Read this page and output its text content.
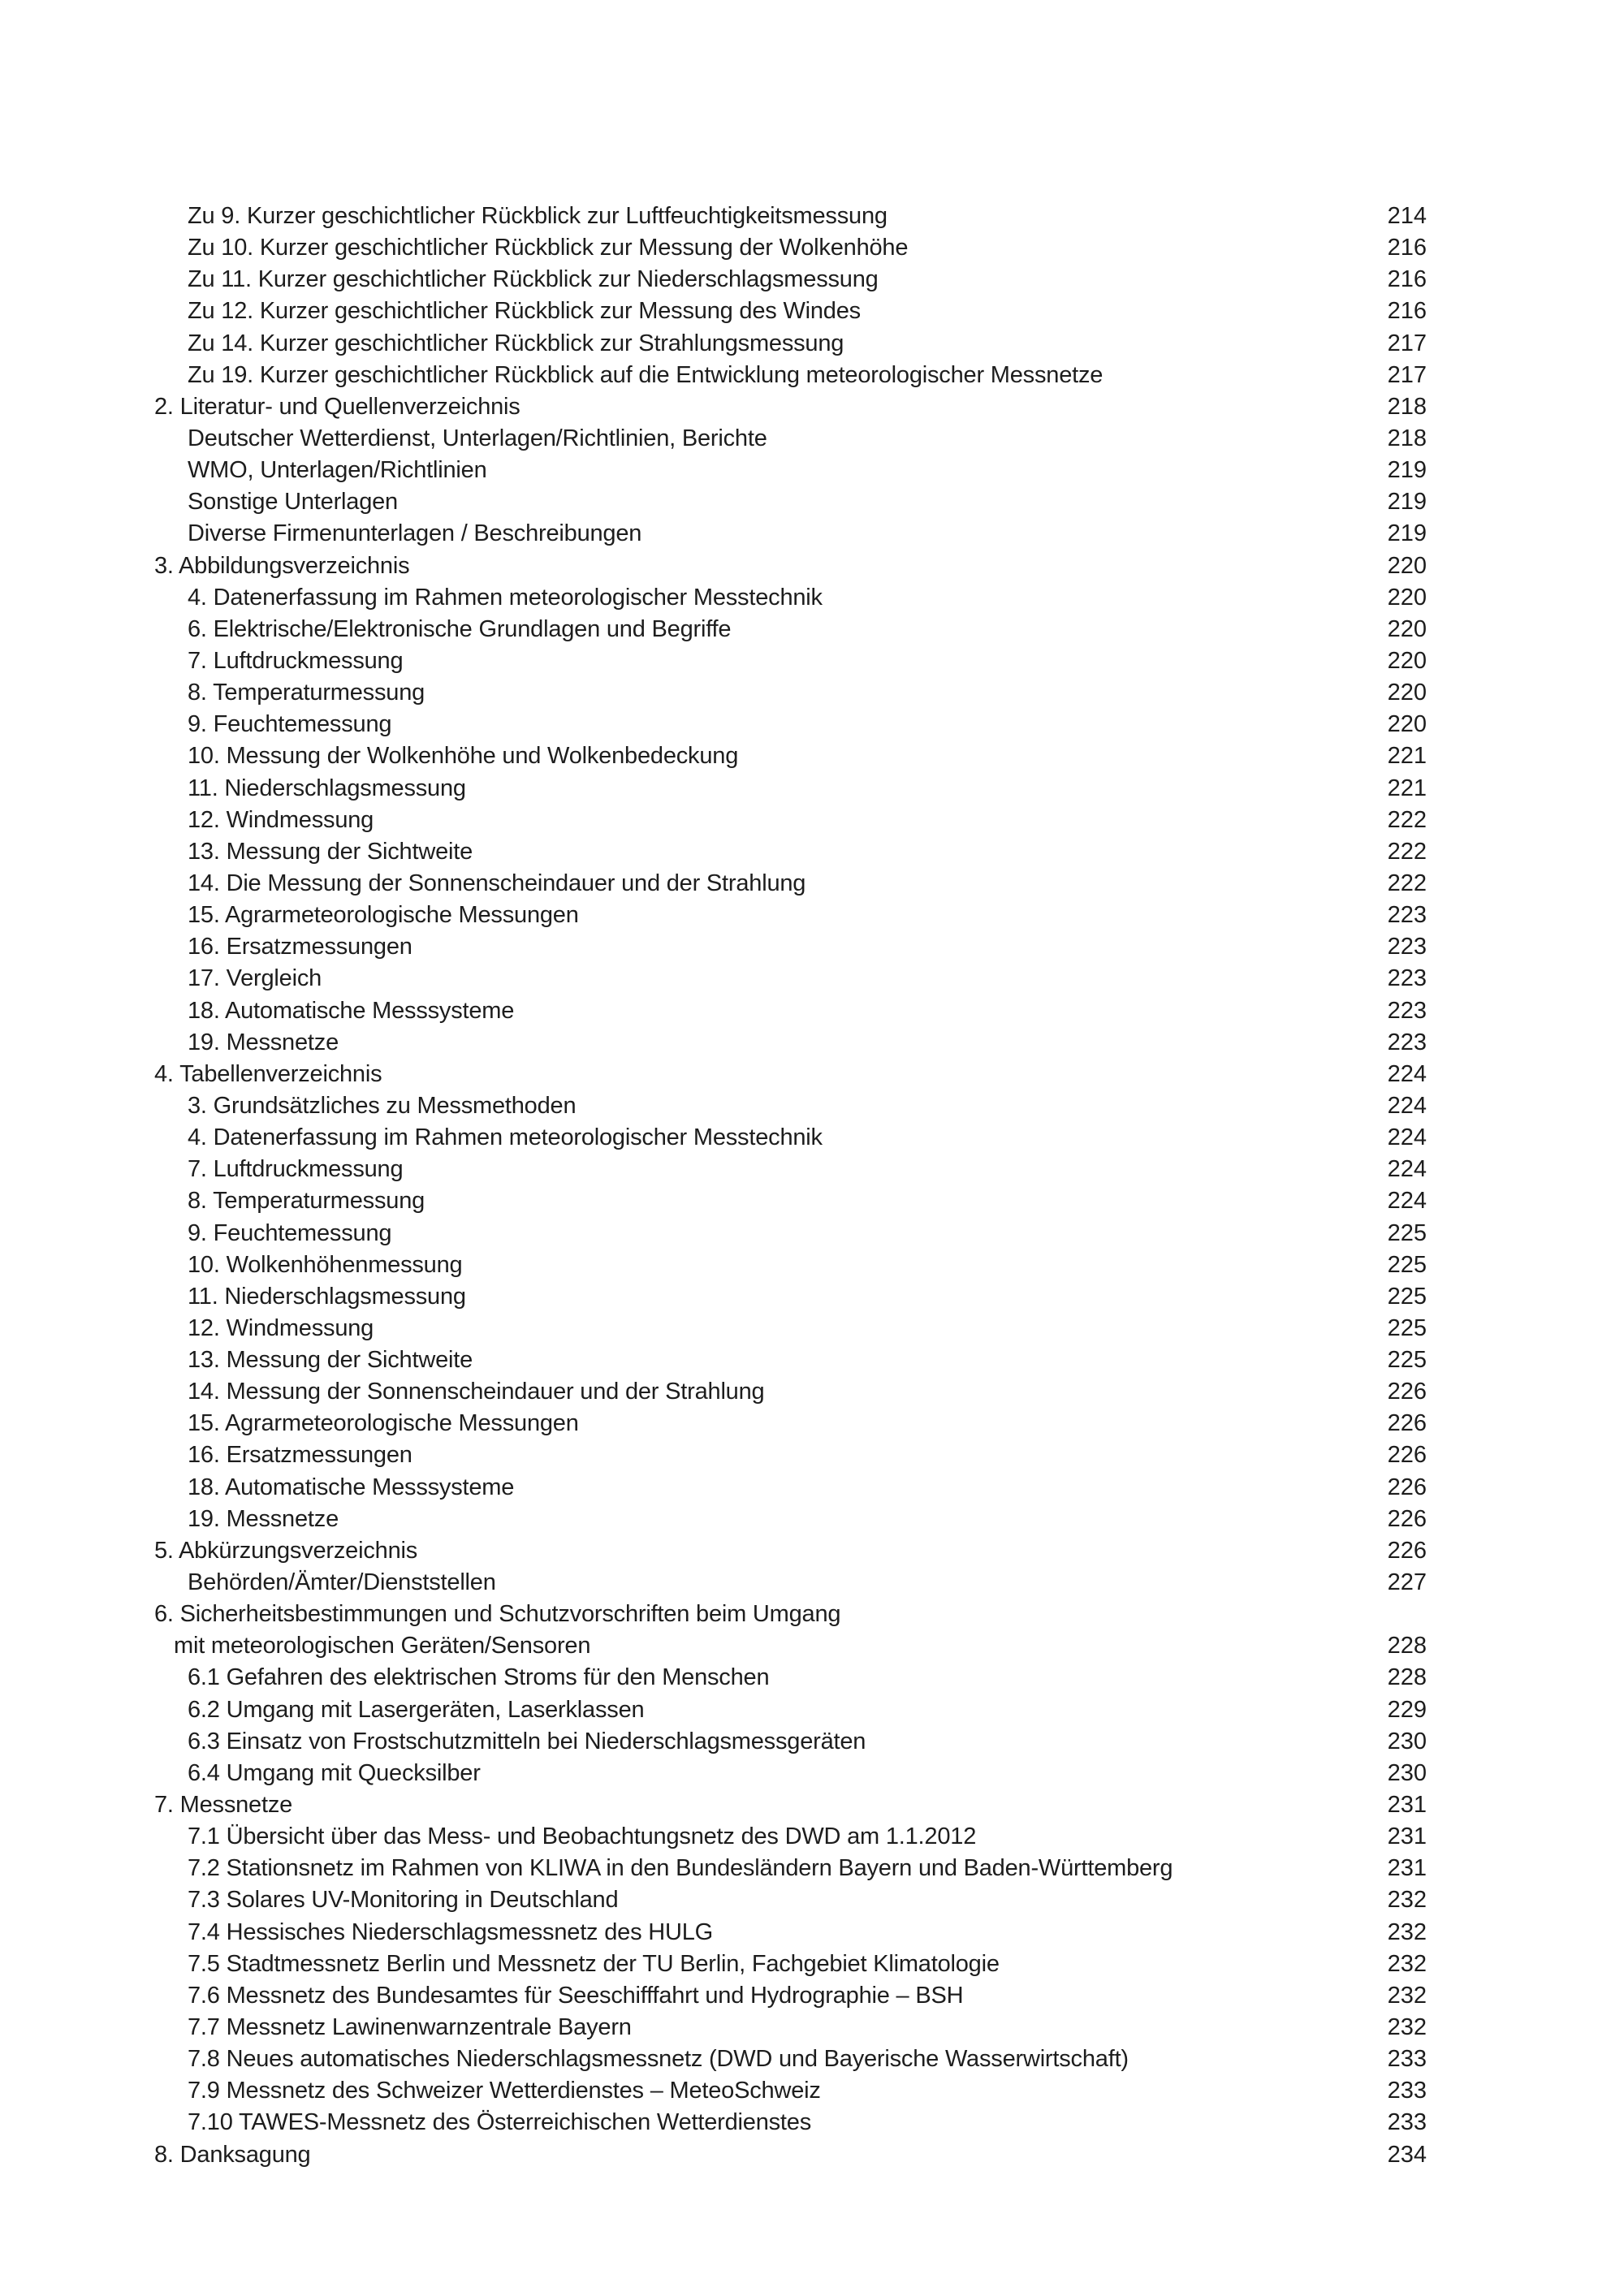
Zu 9. Kurzer geschichtlicher Rückblick zur Luftfeuchtigkeitsmessung	214
Zu 10. Kurzer geschichtlicher Rückblick zur Messung der Wolkenhöhe	216
Zu 11. Kurzer geschichtlicher Rückblick zur Niederschlagsmessung	216
Zu 12. Kurzer geschichtlicher Rückblick zur Messung des Windes	216
Zu 14. Kurzer geschichtlicher Rückblick zur Strahlungsmessung	217
Zu 19. Kurzer geschichtlicher Rückblick auf die Entwicklung meteorologischer Messnetze	217
2. Literatur- und Quellenverzeichnis	218
Deutscher Wetterdienst, Unterlagen/Richtlinien, Berichte	218
WMO, Unterlagen/Richtlinien	219
Sonstige Unterlagen	219
Diverse Firmenunterlagen / Beschreibungen	219
3. Abbildungsverzeichnis	220
4. Datenerfassung im Rahmen meteorologischer Messtechnik	220
6. Elektrische/Elektronische Grundlagen und Begriffe	220
7. Luftdruckmessung	220
8. Temperaturmessung	220
9. Feuchtemessung	220
10. Messung der Wolkenhöhe und Wolkenbedeckung	221
11. Niederschlagsmessung	221
12. Windmessung	222
13. Messung der Sichtweite	222
14. Die Messung der Sonnenscheindauer und der Strahlung	222
15. Agrarmeteorologische Messungen	223
16. Ersatzmessungen	223
17. Vergleich	223
18. Automatische Messsysteme	223
19. Messnetze	223
4. Tabellenverzeichnis	224
3. Grundsätzliches zu Messmethoden	224
4. Datenerfassung im Rahmen meteorologischer Messtechnik	224
7. Luftdruckmessung	224
8. Temperaturmessung	224
9. Feuchtemessung	225
10. Wolkenhöhenmessung	225
11. Niederschlagsmessung	225
12. Windmessung	225
13. Messung der Sichtweite	225
14. Messung der Sonnenscheindauer und der Strahlung	226
15. Agrarmeteorologische Messungen	226
16. Ersatzmessungen	226
18. Automatische Messsysteme	226
19. Messnetze	226
5. Abkürzungsverzeichnis	226
Behörden/Ämter/Dienststellen	227
6. Sicherheitsbestimmungen und Schutzvorschriften beim Umgang
mit meteorologischen Geräten/Sensoren	228
6.1 Gefahren des elektrischen Stroms für den Menschen	228
6.2 Umgang mit Lasergeräten, Laserklassen	229
6.3 Einsatz von Frostschutzmitteln bei Niederschlagsmessgeräten	230
6.4 Umgang mit Quecksilber	230
7. Messnetze	231
7.1 Übersicht über das Mess- und Beobachtungsnetz des DWD am 1.1.2012	231
7.2 Stationsnetz im Rahmen von KLIWA in den Bundesländern Bayern und Baden-Württemberg	231
7.3 Solares UV-Monitoring in Deutschland	232
7.4 Hessisches Niederschlagsmessnetz des HULG	232
7.5 Stadtmessnetz Berlin und Messnetz der TU Berlin, Fachgebiet Klimatologie	232
7.6 Messnetz des Bundesamtes für Seeschifffahrt und Hydrographie – BSH	232
7.7 Messnetz Lawinenwarnzentrale Bayern	232
7.8 Neues automatisches Niederschlagsmessnetz (DWD und Bayerische Wasserwirtschaft)	233
7.9 Messnetz des Schweizer Wetterdienstes – MeteoSchweiz	233
7.10 TAWES-Messnetz des Österreichischen Wetterdienstes	233
8. Danksagung	234
